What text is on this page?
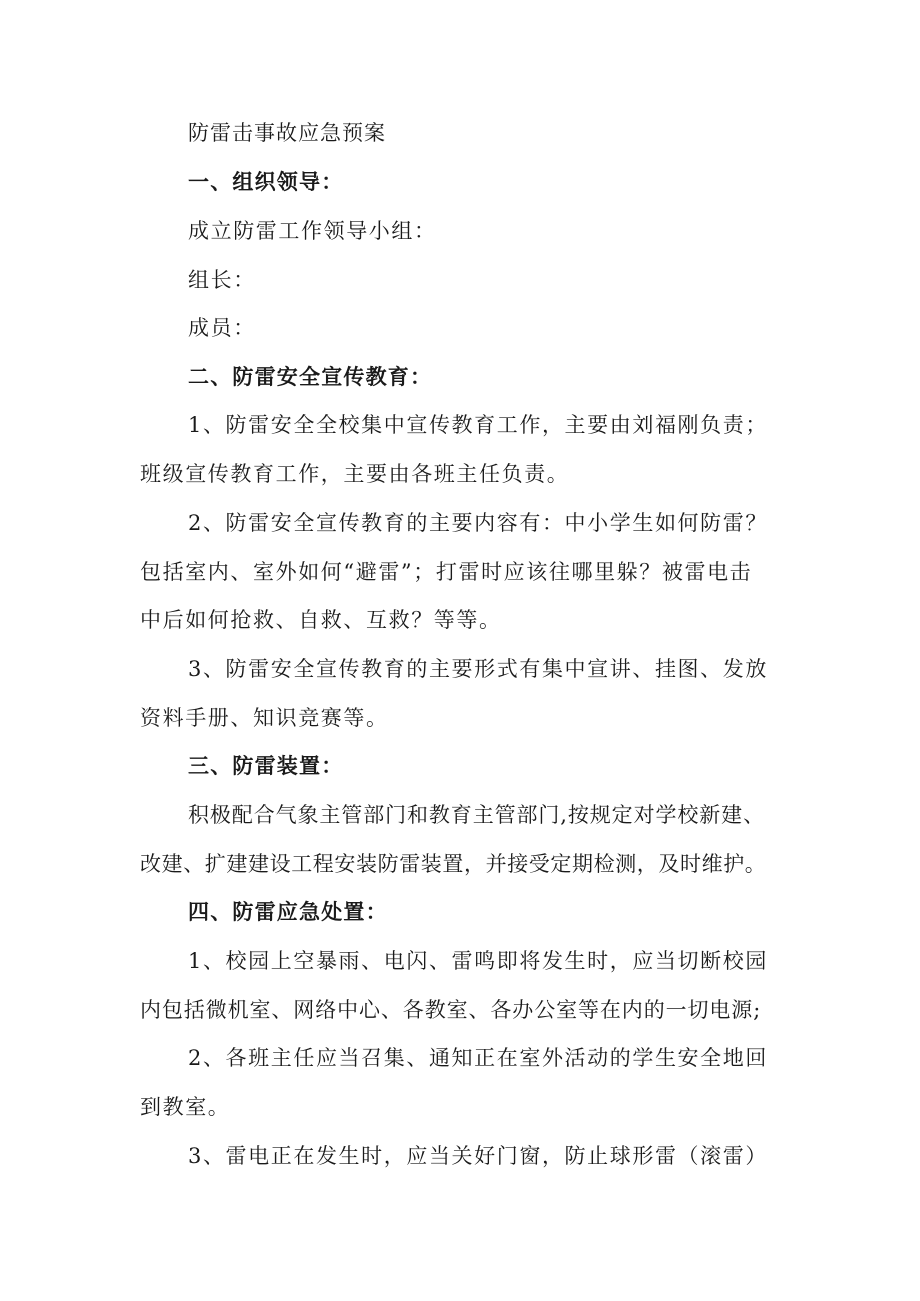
防雷击事故应急预案
一、组织领导：
成立防雷工作领导小组：
组长：
成员：
二、防雷安全宣传教育：
1、防雷安全全校集中宣传教育工作，主要由刘福刚负责；
班级宣传教育工作，主要由各班主任负责。
2、防雷安全宣传教育的主要内容有：中小学生如何防雷？
包括室内、室外如何“避雷”；打雷时应该往哪里躲？被雷电击
中后如何抢救、自救、互救？等等。
3、防雷安全宣传教育的主要形式有集中宣讲、挂图、发放
资料手册、知识竞赛等。
三、防雷装置：
积极配合气象主管部门和教育主管部门,按规定对学校新建、
改建、扩建建设工程安装防雷装置，并接受定期检测，及时维护。
四、防雷应急处置：
1、校园上空暴雨、电闪、雷鸣即将发生时，应当切断校园
内包括微机室、网络中心、各教室、各办公室等在内的一切电源;
2、各班主任应当召集、通知正在室外活动的学生安全地回
到教室。
3、雷电正在发生时，应当关好门窗，防止球形雷（滚雷）
